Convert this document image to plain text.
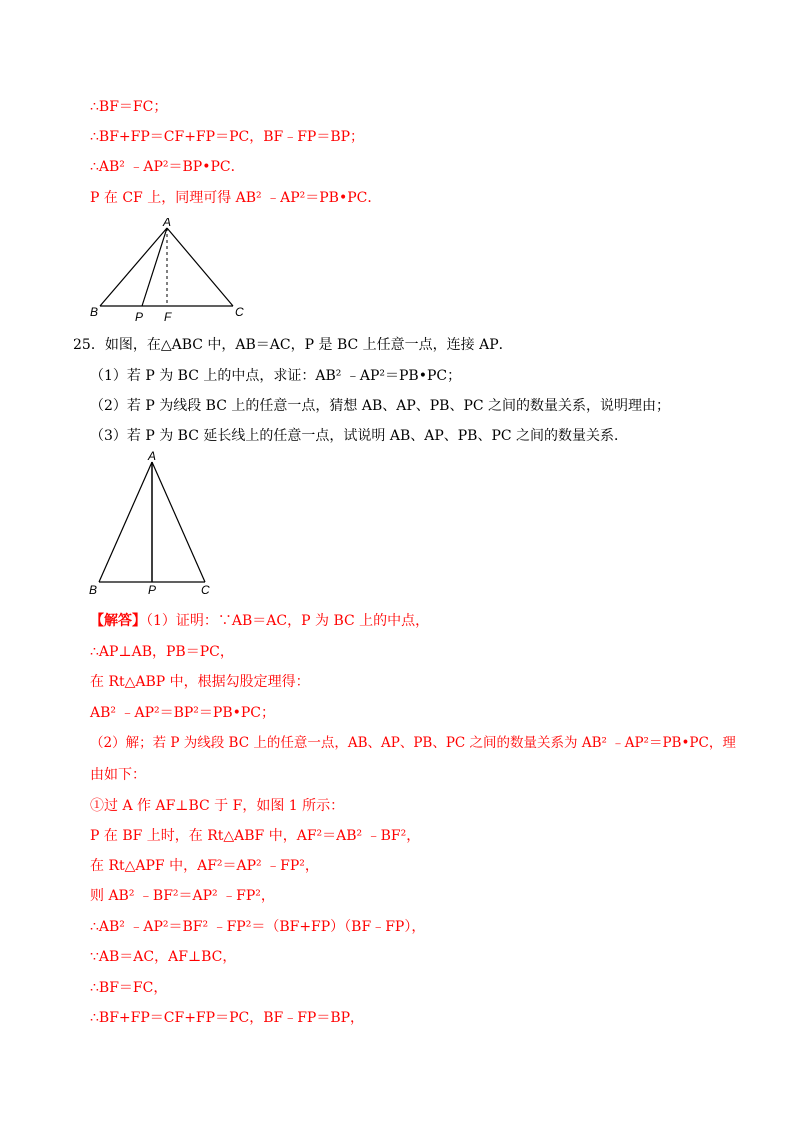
∴BF＝FC；
∴BF+FP＝CF+FP＝PC，BF﹣FP＝BP；
∴AB² ﹣AP²＝BP•PC．
P 在 CF 上，同理可得 AB² ﹣AP²＝PB•PC．
A
B	P F	C
25．如图，在△ABC 中，AB＝AC，P 是 BC 上任意一点，连接 AP．
（1）若 P 为 BC 上的中点，求证：AB² ﹣AP²＝PB•PC；
（2）若 P 为线段 BC 上的任意一点，猜想 AB、AP、PB、PC 之间的数量关系，说明理由；
（3）若 P 为 BC 延长线上的任意一点，试说明 AB、AP、PB、PC 之间的数量关系．
A
B	P	C
【解答】（1）证明：∵AB＝AC，P 为 BC 上的中点，
∴AP⊥AB，PB＝PC，
在 Rt△ABP 中，根据勾股定理得：
AB² ﹣AP²＝BP²＝PB•PC；
（2）解；若 P 为线段 BC 上的任意一点，AB、AP、PB、PC 之间的数量关系为 AB² ﹣AP²＝PB•PC，理
由如下：
①过 A 作 AF⊥BC 于 F，如图 1 所示：
P 在 BF 上时，在 Rt△ABF 中，AF²＝AB² ﹣BF²，
在 Rt△APF 中，AF²＝AP² ﹣FP²，
则 AB² ﹣BF²＝AP² ﹣FP²，
∴AB² ﹣AP²＝BF² ﹣FP²＝（BF+FP）（BF﹣FP），
∵AB＝AC，AF⊥BC，
∴BF＝FC，
∴BF+FP＝CF+FP＝PC，BF﹣FP＝BP，
